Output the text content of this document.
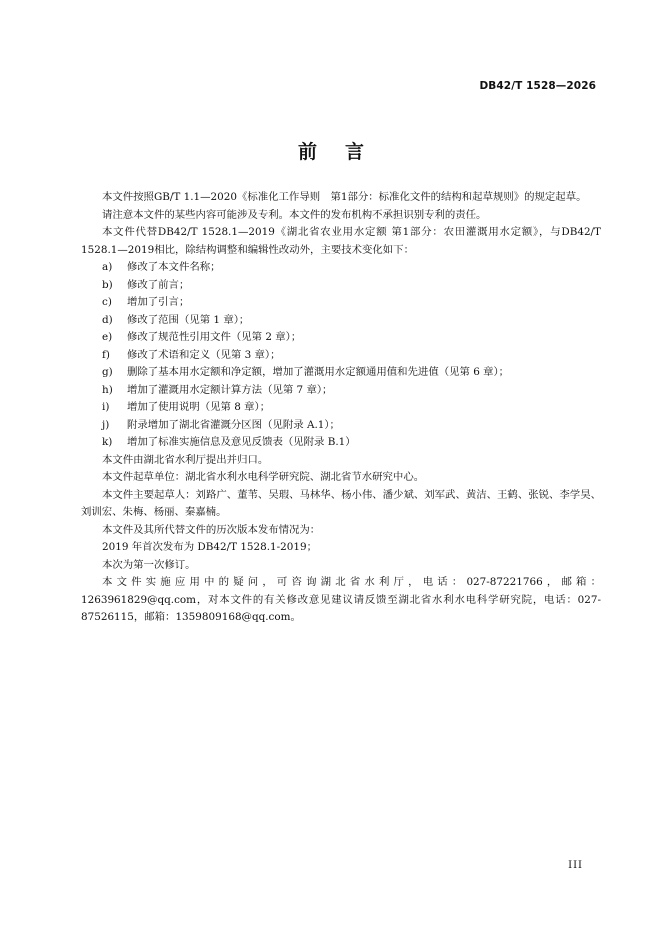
DB42/T 1528—2026
前言

本文件按照GB/T 1.1—2020《标准化工作导则　第1部分：标准化文件的结构和起草规则》的规定起草。

请注意本文件的某些内容可能涉及专利。本文件的发布机构不承担识别专利的责任。

本文件代替DB42/T 1528.1—2019《湖北省农业用水定额 第1部分：农田灌溉用水定额》，与DB42/T 1528.1—2019相比，除结构调整和编辑性改动外，主要技术变化如下：

a) 修改了本文件名称；

b) 修改了前言；

c) 增加了引言；

d) 修改了范围（见第 1 章）；

e) 修改了规范性引用文件（见第 2 章）；

f) 修改了术语和定义（见第 3 章）；

g) 删除了基本用水定额和净定额，增加了灌溉用水定额通用值和先进值（见第 6 章）；

h) 增加了灌溉用水定额计算方法（见第 7 章）；

i) 增加了使用说明（见第 8 章）；

j) 附录增加了湖北省灌溉分区图（见附录 A.1）；

k) 增加了标准实施信息及意见反馈表（见附录 B.1）

本文件由湖北省水利厅提出并归口。

本文件起草单位：湖北省水利水电科学研究院、湖北省节水研究中心。

本文件主要起草人：刘路广、董苇、吴瑕、马林华、杨小伟、潘少斌、刘军武、黄洁、王鹤、张锐、李学昊、刘训宏、朱梅、杨丽、秦嘉楠。

本文件及其所代替文件的历次版本发布情况为：

2019 年首次发布为 DB42/T 1528.1-2019；

本次为第一次修订。

本文件实施应用中的疑问，可咨询湖北省水利厅，电话：027-87221766，邮箱：1263961829@qq.com，对本文件的有关修改意见建议请反馈至湖北省水利水电科学研究院，电话：027-87526115，邮箱：1359809168@qq.com。

III
